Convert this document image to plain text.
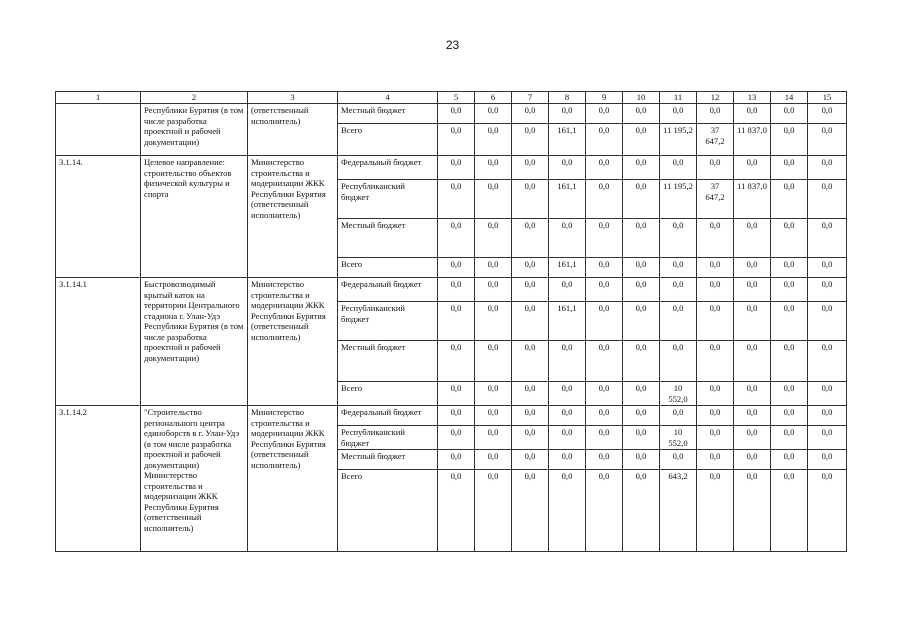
23
1	2	3	4	5	6	7	8	9	10	11	12	13	14	15
	Республики Бурятия (в том числе разработка проектной и рабочей документации)	(ответственный исполнитель)	Местный бюджет	0,0	0,0	0,0	0,0	0,0	0,0	0,0	0,0	0,0	0,0	0,0
			Всего	0,0	0,0	0,0	161,1	0,0	0,0	11 195,2	37 647,2	11 837,0	0,0	0,0
3.1.14.	Целевое направление: строительство объектов физической культуры и спорта	Министерство строительства и модернизации ЖКК Республики Бурятия (ответственный исполнитель)	Федеральный бюджет	0,0	0,0	0,0	0,0	0,0	0,0	0,0	0,0	0,0	0,0	0,0
			Республиканский бюджет	0,0	0,0	0,0	161,1	0,0	0,0	11 195,2	37 647,2	11 837,0	0,0	0,0
			Местный бюджет	0,0	0,0	0,0	0,0	0,0	0,0	0,0	0,0	0,0	0,0	0,0
			Всего	0,0	0,0	0,0	161,1	0,0	0,0	0,0	0,0	0,0	0,0	0,0
3.1.14.1	Быстровозводимый крытый каток на территории Центрального стадиона г. Улан-Удэ Республики Бурятия (в том числе разработка проектной и рабочей документации)	Министерство строительства и модернизации ЖКК Республики Бурятия (ответственный исполнитель)	Федеральный бюджет	0,0	0,0	0,0	0,0	0,0	0,0	0,0	0,0	0,0	0,0	0,0
			Республиканский бюджет	0,0	0,0	0,0	161,1	0,0	0,0	0,0	0,0	0,0	0,0	0,0
			Местный бюджет	0,0	0,0	0,0	0,0	0,0	0,0	0,0	0,0	0,0	0,0	0,0
			Всего	0,0	0,0	0,0	0,0	0,0	0,0	10 552,0	0,0	0,0	0,0	0,0
3.1.14.2	"Строительство регионального центра единоборств в г. Улан-Удэ (в том числе разработка проектной и рабочей документации) Министерство строительства и модернизации ЖКК Республики Бурятия (ответственный исполнитель)	Министерство строительства и модернизации ЖКК Республики Бурятия (ответственный исполнитель)	Федеральный бюджет	0,0	0,0	0,0	0,0	0,0	0,0	0,0	0,0	0,0	0,0	0,0
			Республиканский бюджет	0,0	0,0	0,0	0,0	0,0	0,0	10 552,0	0,0	0,0	0,0	0,0
			Местный бюджет	0,0	0,0	0,0	0,0	0,0	0,0	0,0	0,0	0,0	0,0	0,0
			Всего	0,0	0,0	0,0	0,0	0,0	0,0	643,2	0,0	0,0	0,0	0,0
